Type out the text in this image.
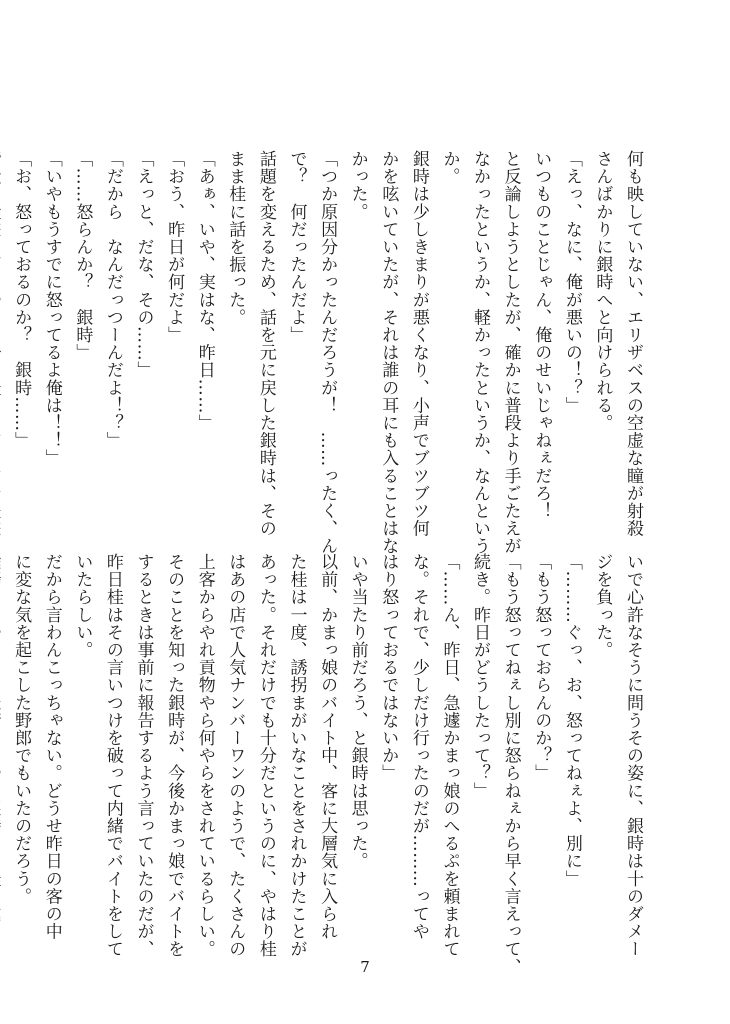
何も映していない、エリザベスの空虚な瞳が射殺
さんばかりに銀時へと向けられる。
「えっ、なに、俺が悪いの！？」
いつものことじゃん、俺のせいじゃねぇだろ！
と反論しようとしたが、確かに普段より手ごたえが
なかったというか、軽かったというか、なんという
か。
銀時は少しきまりが悪くなり、小声でブツブツ何
かを呟いていたが、それは誰の耳にも入ることはな
かった。
「つか原因分かったんだろうが！　……ったく、ん
で？　何だったんだよ」
話題を変えるため、話を元に戻した銀時は、その
まま桂に話を振った。
「あぁ、いや、実はな、昨日……」
「おう、昨日が何だよ」
「えっと、だな、その……」
「だから　なんだっつーんだよ！？」
「……怒らんか？　銀時」
「いやもうすでに怒ってるよ俺は！！」
「お、怒っておるのか？　銀時……」
いで心許なそうに問うその姿に、銀時は十のダメー
ジを負った。
「………ぐっ、お、怒ってねぇよ、別に」
「もう怒っておらんのか？」
「もう怒ってねぇし別に怒らねぇから早く言えって、
続き。昨日がどうしたって？」
「……ん、昨日、急遽かまっ娘のへるぷを頼まれて
な。それで、少しだけ行ったのだが………ってや
はり怒っておるではないか」
いや当たり前だろう、と銀時は思った。
以前、かまっ娘のバイト中、客に大層気に入られ
た桂は一度、誘拐まがいなことをされかけたことが
あった。それだけでも十分だというのに、やはり桂
はあの店で人気ナンバーワンのようで、たくさんの
上客からやれ貢物やら何やらをされているらしい。
そのことを知った銀時が、今後かまっ娘でバイトを
するときは事前に報告するよう言っていたのだが、
昨日桂はその言いつけを破って内緒でバイトをして
いたらしい。
だから言わんこっちゃない。どうせ昨日の客の中
に変な気を起こした野郎でもいたのだろう。
7
